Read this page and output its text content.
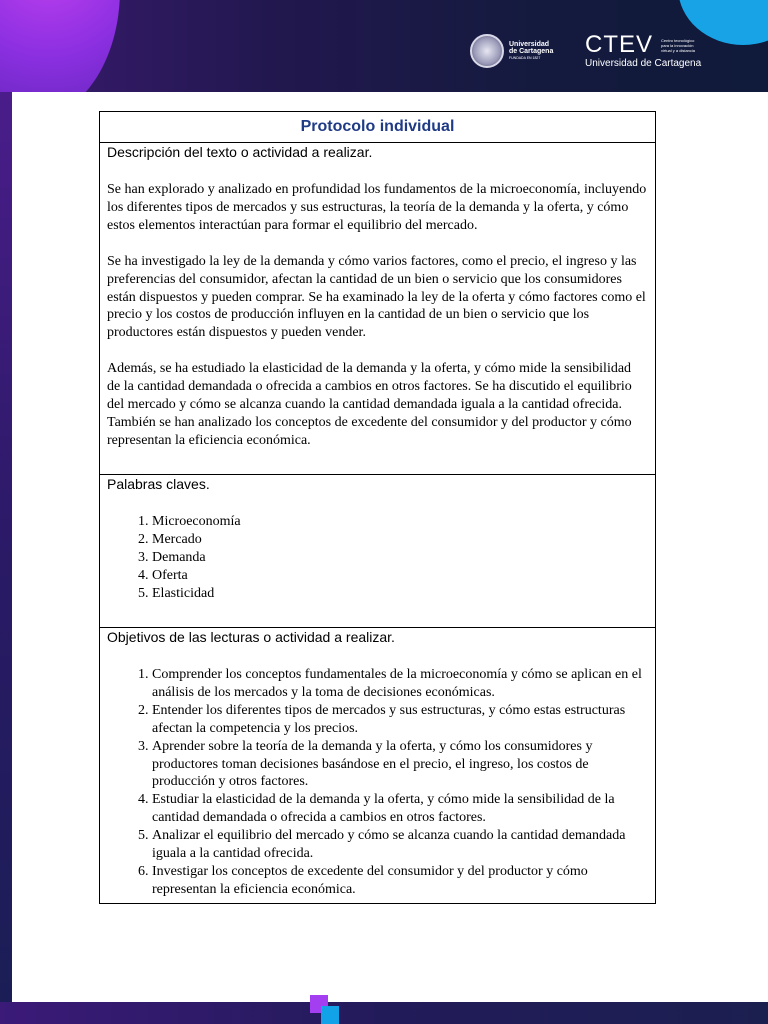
Universidad
de Cartagena
FUNDADA EN 1827
CTEV Centro tecnológico para la innovación virtual y a distancia
Universidad de Cartagena
Protocolo individual
Descripción del texto o actividad a realizar.

Se han explorado y analizado en profundidad los fundamentos de la microeconomía, incluyendo los diferentes tipos de mercados y sus estructuras, la teoría de la demanda y la oferta, y cómo estos elementos interactúan para formar el equilibrio del mercado.

Se ha investigado la ley de la demanda y cómo varios factores, como el precio, el ingreso y las preferencias del consumidor, afectan la cantidad de un bien o servicio que los consumidores están dispuestos y pueden comprar. Se ha examinado la ley de la oferta y cómo factores como el precio y los costos de producción influyen en la cantidad de un bien o servicio que los productores están dispuestos y pueden vender.

Además, se ha estudiado la elasticidad de la demanda y la oferta, y cómo mide la sensibilidad de la cantidad demandada o ofrecida a cambios en otros factores. Se ha discutido el equilibrio del mercado y cómo se alcanza cuando la cantidad demandada iguala a la cantidad ofrecida. También se han analizado los conceptos de excedente del consumidor y del productor y cómo representan la eficiencia económica.

Palabras claves.
1. Microeconomía
2. Mercado
3. Demanda
4. Oferta
5. Elasticidad
Objetivos de las lecturas o actividad a realizar.
1. Comprender los conceptos fundamentales de la microeconomía y cómo se aplican en el análisis de los mercados y la toma de decisiones económicas.
2. Entender los diferentes tipos de mercados y sus estructuras, y cómo estas estructuras afectan la competencia y los precios.
3. Aprender sobre la teoría de la demanda y la oferta, y cómo los consumidores y productores toman decisiones basándose en el precio, el ingreso, los costos de producción y otros factores.
4. Estudiar la elasticidad de la demanda y la oferta, y cómo mide la sensibilidad de la cantidad demandada o ofrecida a cambios en otros factores.
5. Analizar el equilibrio del mercado y cómo se alcanza cuando la cantidad demandada iguala a la cantidad ofrecida.
6. Investigar los conceptos de excedente del consumidor y del productor y cómo representan la eficiencia económica.
